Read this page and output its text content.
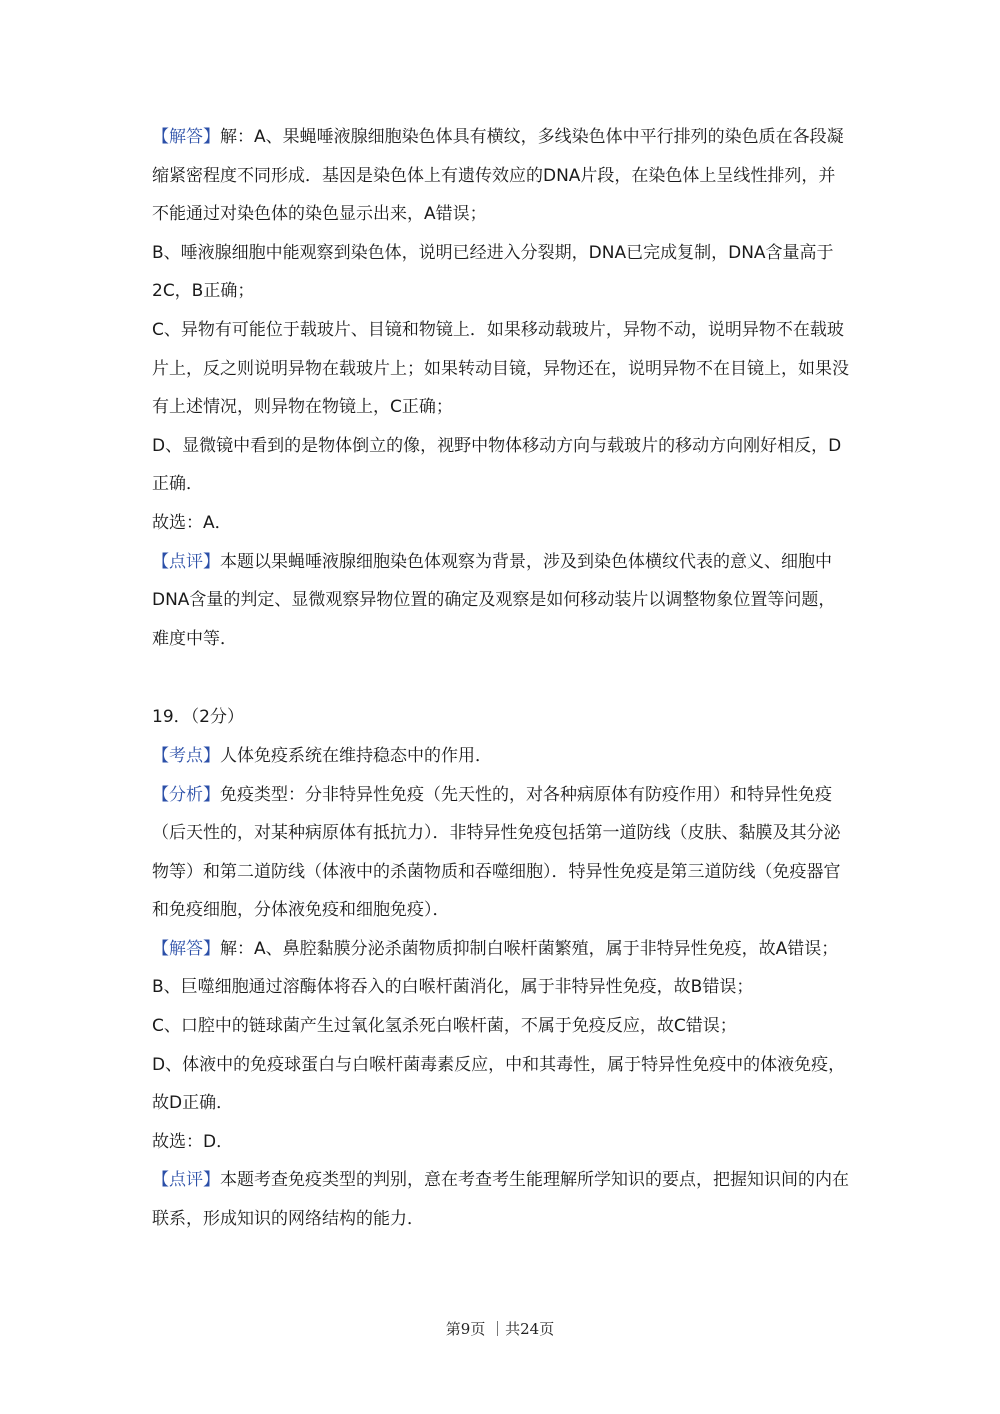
【解答】解：A、果蝇唾液腺细胞染色体具有横纹，多线染色体中平行排列的染色质在各段凝缩紧密程度不同形成．基因是染色体上有遗传效应的DNA片段，在染色体上呈线性排列，并不能通过对染色体的染色显示出来，A错误；

B、唾液腺细胞中能观察到染色体，说明已经进入分裂期，DNA已完成复制，DNA含量高于2C，B正确；

C、异物有可能位于载玻片、目镜和物镜上．如果移动载玻片，异物不动，说明异物不在载玻片上，反之则说明异物在载玻片上；如果转动目镜，异物还在，说明异物不在目镜上，如果没有上述情况，则异物在物镜上，C正确；

D、显微镜中看到的是物体倒立的像，视野中物体移动方向与载玻片的移动方向刚好相反，D正确．

故选：A．

【点评】本题以果蝇唾液腺细胞染色体观察为背景，涉及到染色体横纹代表的意义、细胞中DNA含量的判定、显微观察异物位置的确定及观察是如何移动装片以调整物象位置等问题，难度中等．

19．（2分）

【考点】人体免疫系统在维持稳态中的作用．

【分析】免疫类型：分非特异性免疫（先天性的，对各种病原体有防疫作用）和特异性免疫（后天性的，对某种病原体有抵抗力）．非特异性免疫包括第一道防线（皮肤、黏膜及其分泌物等）和第二道防线（体液中的杀菌物质和吞噬细胞）．特异性免疫是第三道防线（免疫器官和免疫细胞，分体液免疫和细胞免疫）．

【解答】解：A、鼻腔黏膜分泌杀菌物质抑制白喉杆菌繁殖，属于非特异性免疫，故A错误；

B、巨噬细胞通过溶酶体将吞入的白喉杆菌消化，属于非特异性免疫，故B错误；

C、口腔中的链球菌产生过氧化氢杀死白喉杆菌，不属于免疫反应，故C错误；

D、体液中的免疫球蛋白与白喉杆菌毒素反应，中和其毒性，属于特异性免疫中的体液免疫，故D正确．

故选：D．

【点评】本题考查免疫类型的判别，意在考查考生能理解所学知识的要点，把握知识间的内在联系，形成知识的网络结构的能力．

第9页 ｜共24页
